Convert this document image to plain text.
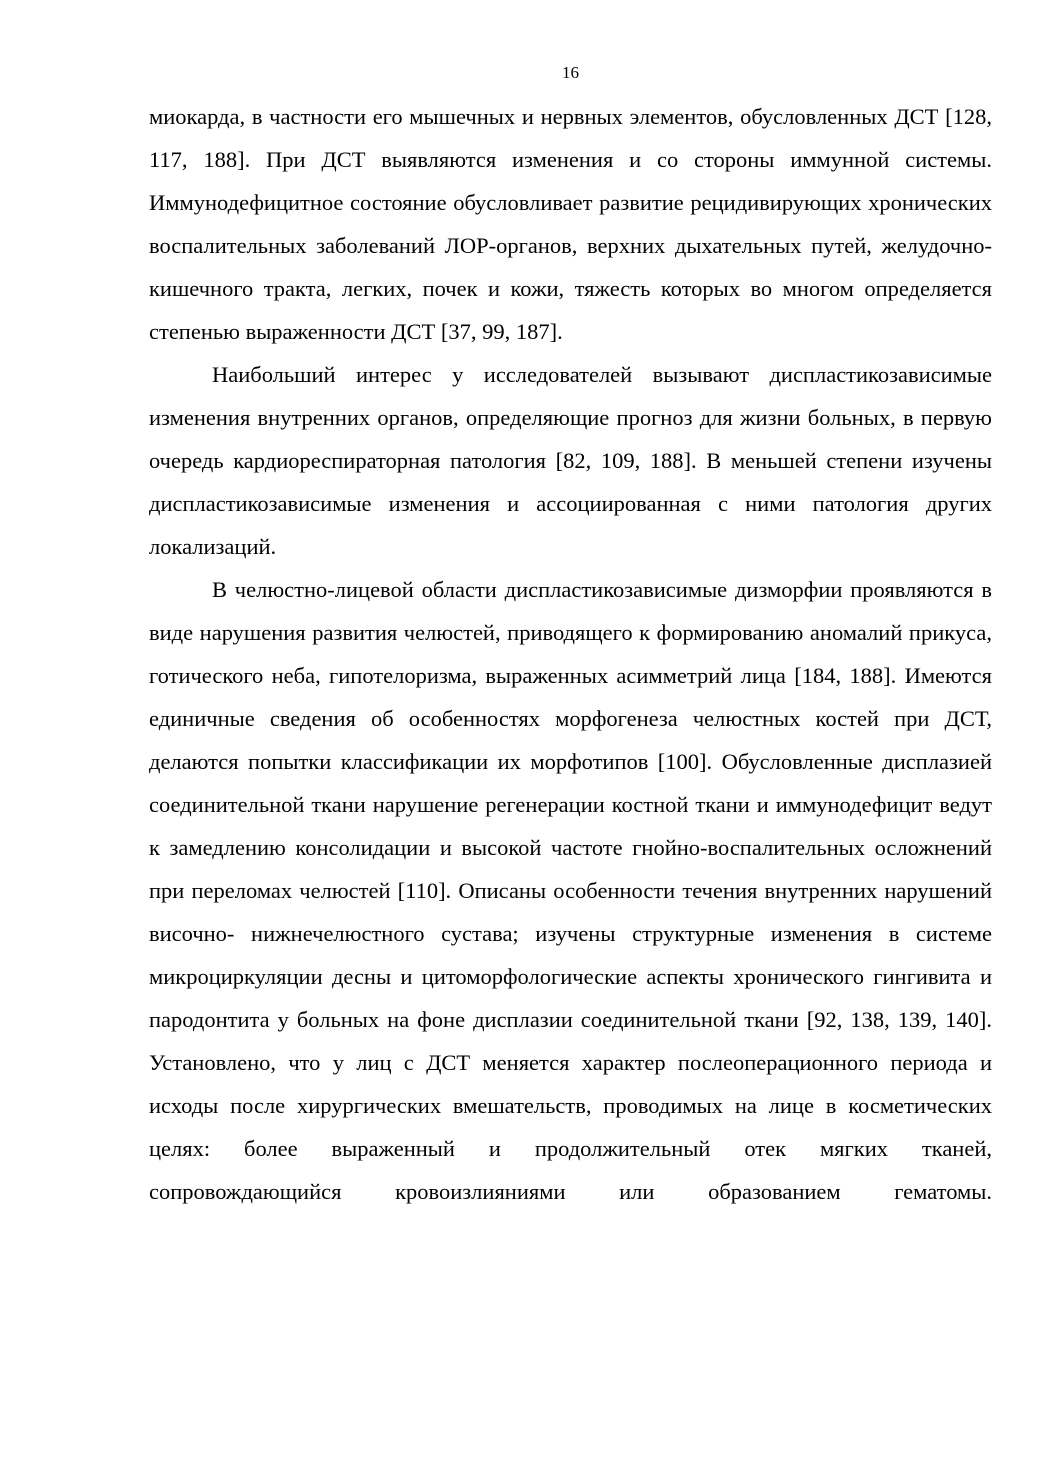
16

миокарда, в частности его мышечных и нервных элементов, обусловленных ДСТ [128, 117, 188]. При ДСТ выявляются изменения и со стороны иммунной системы. Иммунодефицитное состояние обусловливает развитие рецидивирующих хронических воспалительных заболеваний ЛОР-органов, верхних дыхательных путей, желудочно- кишечного тракта, легких, почек и кожи, тяжесть которых во многом определяется степенью выраженности ДСТ [37, 99, 187].

Наибольший интерес у исследователей вызывают диспластикозависимые изменения внутренних органов, определяющие прогноз для жизни больных, в первую очередь кардиореспираторная патология [82, 109, 188]. В меньшей степени изучены диспластикозависимые изменения и ассоциированная с ними патология других локализаций.

В челюстно-лицевой области диспластикозависимые дизморфии проявляются в виде нарушения развития челюстей, приводящего к формированию аномалий прикуса, готического неба, гипотелоризма, выраженных асимметрий лица [184, 188]. Имеются единичные сведения об особенностях морфогенеза челюстных костей при ДСТ, делаются попытки классификации их морфотипов [100]. Обусловленные дисплазией соединительной ткани нарушение регенерации костной ткани и иммунодефицит ведут к замедлению консолидации и высокой частоте гнойно-воспалительных осложнений при переломах челюстей [110]. Описаны особенности течения внутренних нарушений височно- нижнечелюстного сустава; изучены структурные изменения в системе микроциркуляции десны и цитоморфологические аспекты хронического гингивита и пародонтита у больных на фоне дисплазии соединительной ткани [92, 138, 139, 140]. Установлено, что у лиц с ДСТ меняется характер послеоперационного периода и исходы после хирургических вмешательств, проводимых на лице в косметических целях: более выраженный и продолжительный отек мягких тканей, сопровождающийся кровоизлияниями или образованием гематомы.
